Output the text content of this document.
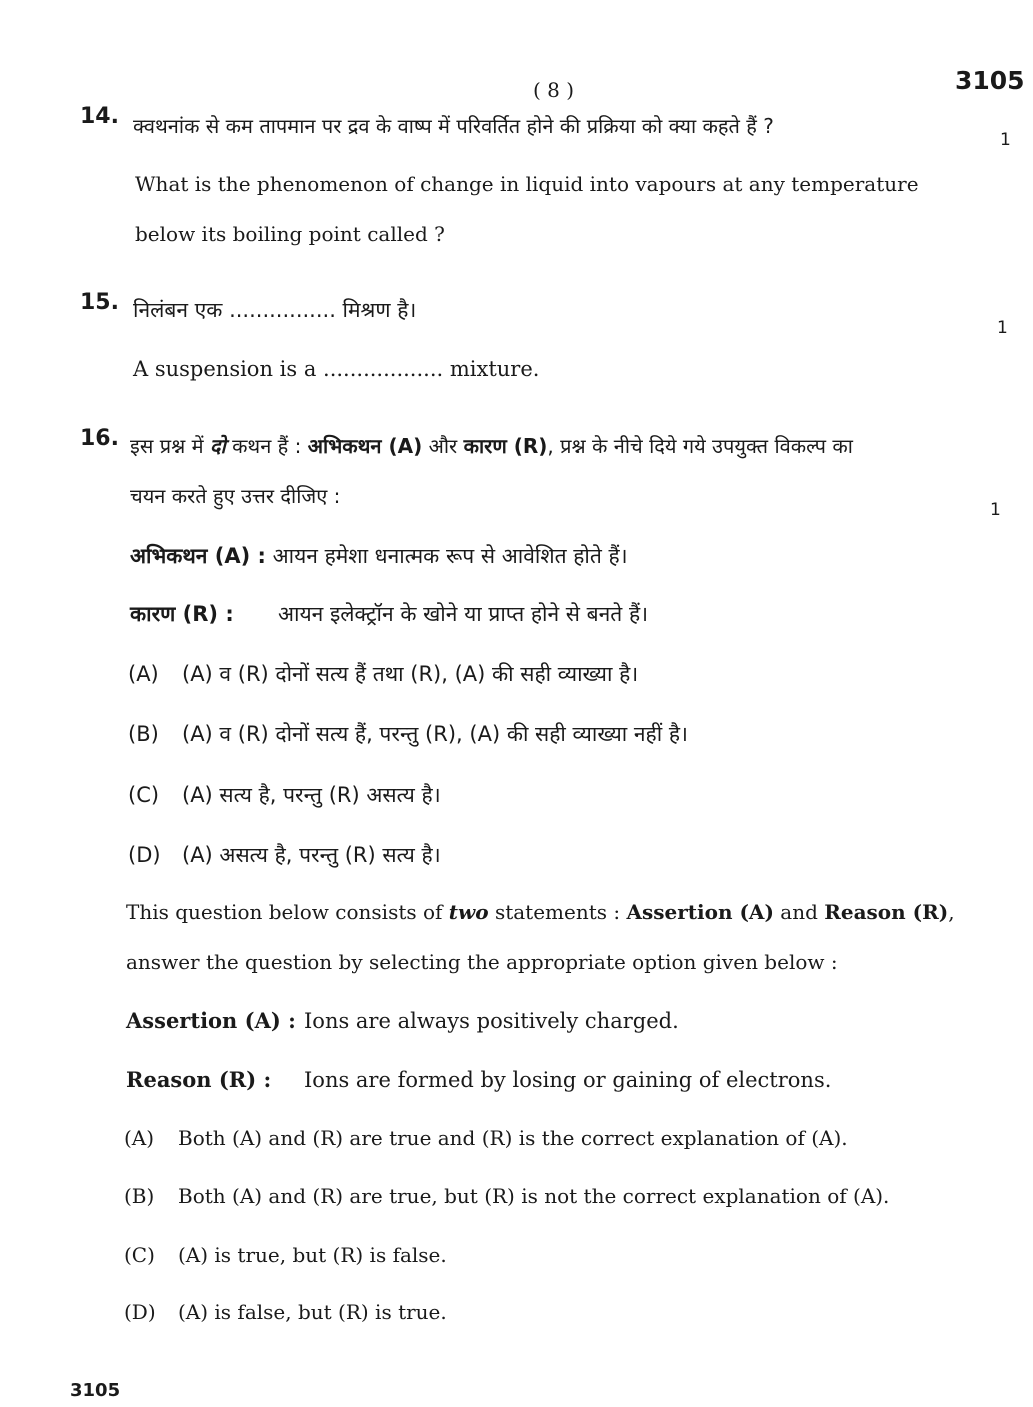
( 8 )	3105
14. क्वथनांक से कम तापमान पर द्रव के वाष्प में परिवर्तित होने की प्रक्रिया को क्या कहते हैं ?
1
What is the phenomenon of change in liquid into vapours at any temperature
below its boiling point called ?
15. निलंबन एक ................ मिश्रण है।
1
A suspension is a .................. mixture.
16. इस प्रश्न में दो कथन हैं : अभिकथन (A) और कारण (R), प्रश्न के नीचे दिये गये उपयुक्त विकल्प का
चयन करते हुए उत्तर दीजिए :
1
अभिकथन (A) : आयन हमेशा धनात्मक रूप से आवेशित होते हैं।
कारण (R) : आयन इलेक्ट्रॉन के खोने या प्राप्त होने से बनते हैं।
(A) (A) व (R) दोनों सत्य हैं तथा (R), (A) की सही व्याख्या है।
(B) (A) व (R) दोनों सत्य हैं, परन्तु (R), (A) की सही व्याख्या नहीं है।
(C) (A) सत्य है, परन्तु (R) असत्य है।
(D) (A) असत्य है, परन्तु (R) सत्य है।
This question below consists of two statements : Assertion (A) and Reason (R),
answer the question by selecting the appropriate option given below :
Assertion (A) : Ions are always positively charged.
Reason (R) : Ions are formed by losing or gaining of electrons.
(A) Both (A) and (R) are true and (R) is the correct explanation of (A).
(B) Both (A) and (R) are true, but (R) is not the correct explanation of (A).
(C) (A) is true, but (R) is false.
(D) (A) is false, but (R) is true.
3105
